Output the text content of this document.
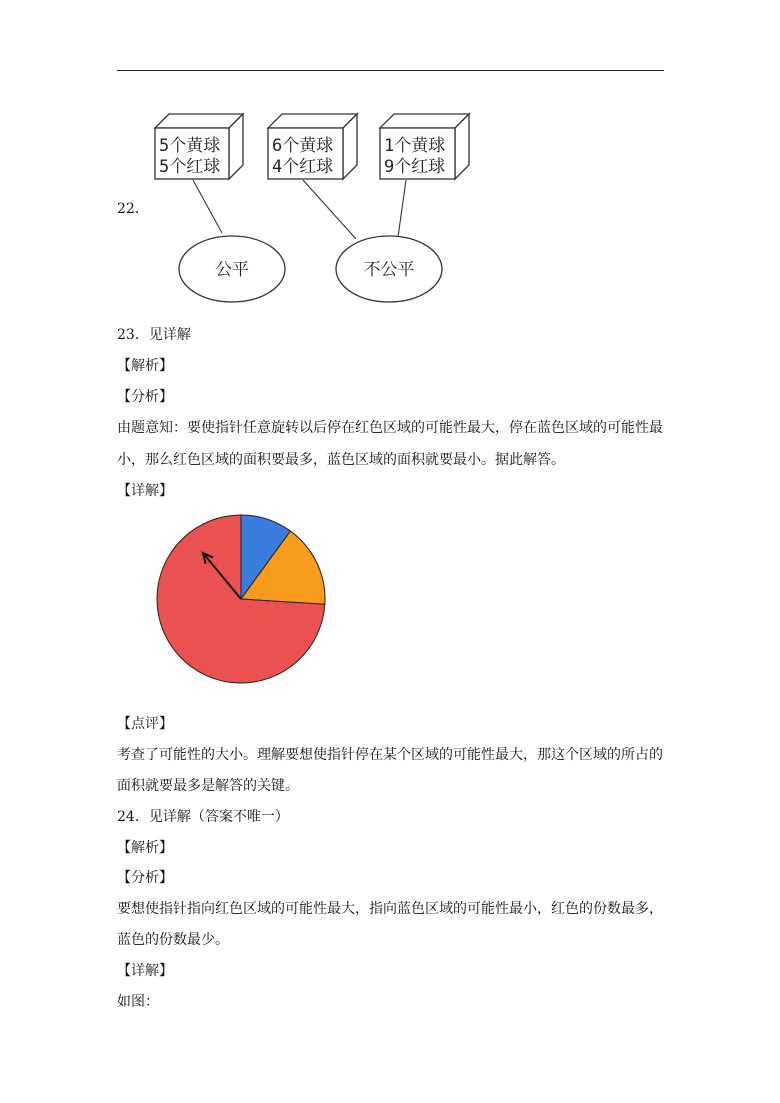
22.
5个黄球
5个红球
6个黄球
4个红球
1个黄球
9个红球
公平	不公平
23．见详解
【解析】
【分析】
由题意知：要使指针任意旋转以后停在红色区域的可能性最大，停在蓝色区域的可能性最
小，那么红色区域的面积要最多，蓝色区域的面积就要最小。据此解答。
【详解】
【点评】
考查了可能性的大小。理解要想使指针停在某个区域的可能性最大，那这个区域的所占的
面积就要最多是解答的关键。
24．见详解（答案不唯一）
【解析】
【分析】
要想使指针指向红色区域的可能性最大，指向蓝色区域的可能性最小，红色的份数最多，
蓝色的份数最少。
【详解】
如图：
